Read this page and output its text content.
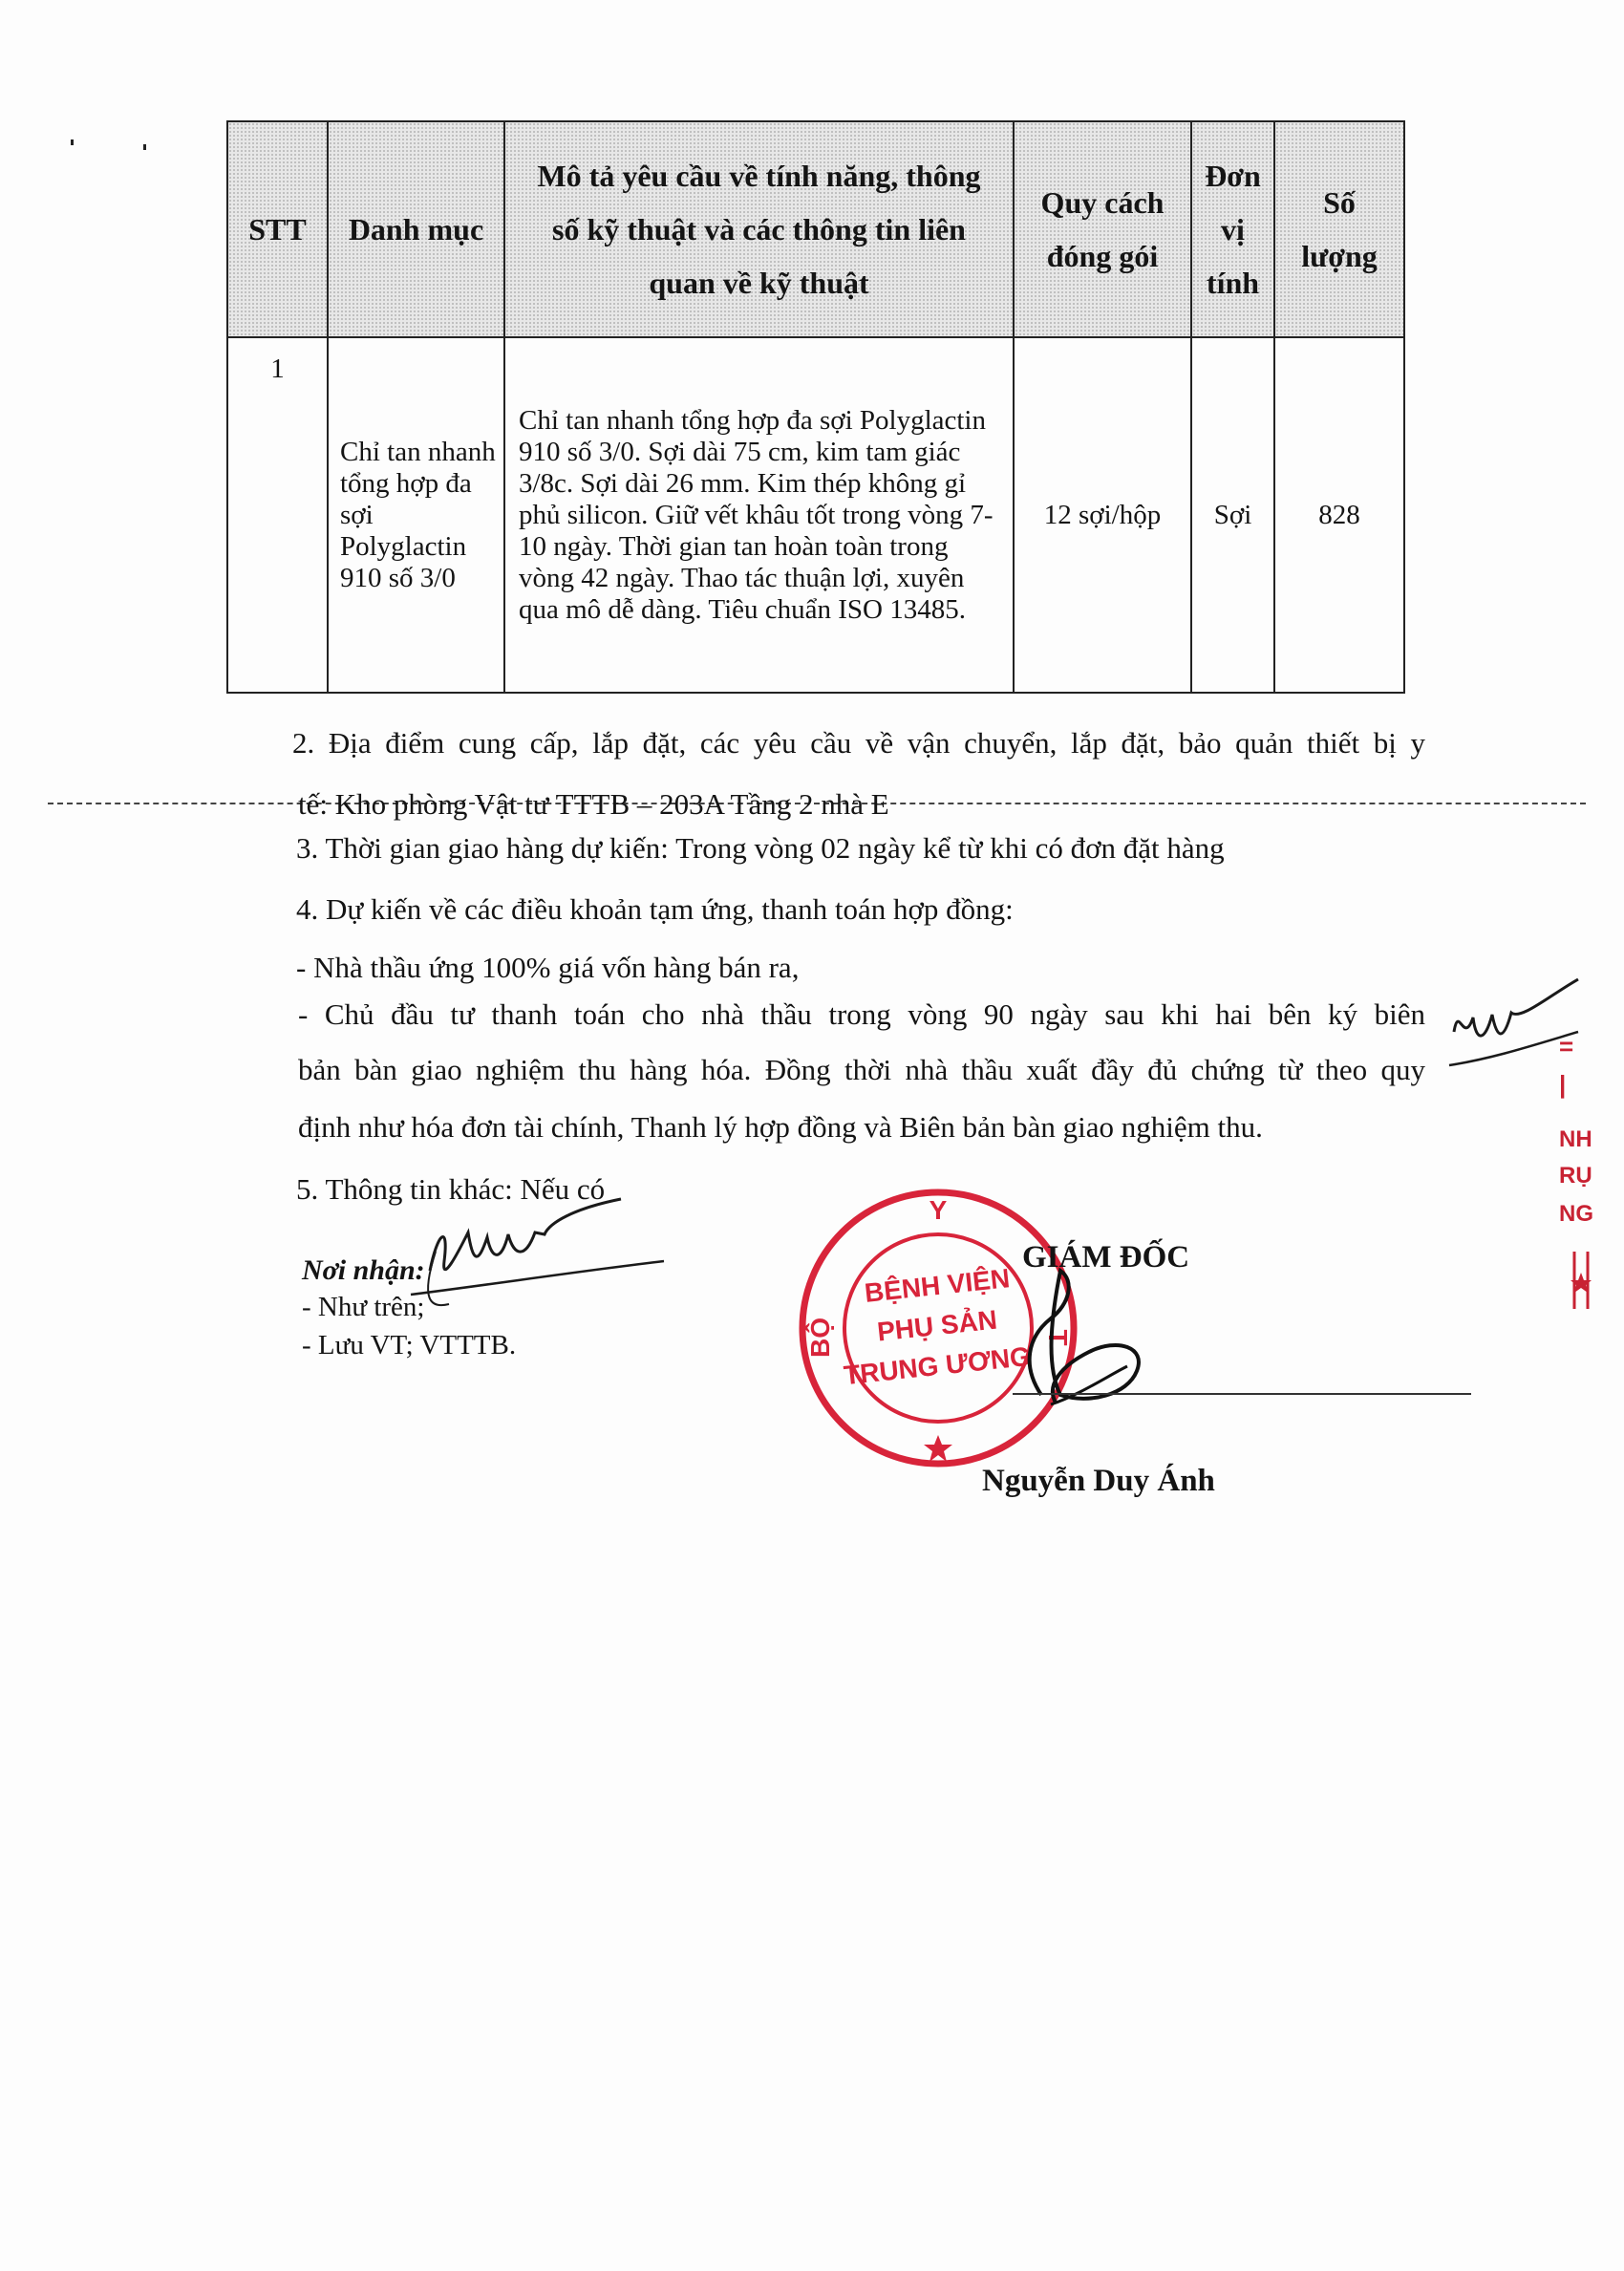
STT	Danh mục	Mô tả yêu cầu về tính năng, thông số kỹ thuật và các thông tin liên quan về kỹ thuật	Quy cách đóng gói	Đơn vị tính	Số lượng
1	Chỉ tan nhanh tổng hợp đa sợi Polyglactin 910 số 3/0	Chỉ tan nhanh tổng hợp đa sợi Polyglactin 910 số 3/0. Sợi dài 75 cm, kim tam giác 3/8c. Sợi dài 26 mm. Kim thép không gỉ phủ silicon. Giữ vết khâu tốt trong vòng 7-10 ngày. Thời gian tan hoàn toàn trong vòng 42 ngày. Thao tác thuận lợi, xuyên qua mô dễ dàng. Tiêu chuẩn ISO 13485.	12 sợi/hộp	Sợi	828
2. Địa điểm cung cấp, lắp đặt, các yêu cầu về vận chuyển, lắp đặt, bảo quản thiết bị y
tế: Kho phòng Vật tư TTTB – 203A Tầng 2 nhà E
3. Thời gian giao hàng dự kiến: Trong vòng 02 ngày kể từ khi có đơn đặt hàng
4. Dự kiến về các điều khoản tạm ứng, thanh toán hợp đồng:
- Nhà thầu ứng 100% giá vốn hàng bán ra,
- Chủ đầu tư thanh toán cho nhà thầu trong vòng 90 ngày sau khi hai bên ký biên
bản bàn giao nghiệm thu hàng hóa. Đồng thời nhà thầu xuất đầy đủ chứng từ theo quy
định như hóa đơn tài chính, Thanh lý hợp đồng và Biên bản bàn giao nghiệm thu.
5. Thông tin khác: Nếu có
Nơi nhận:
- Như trên;
- Lưu VT; VTTTB.
=
|
NH
RỤ
NG
Y
BỘ	T
BỆNH VIỆN
PHỤ SẢN
TRUNG ƯƠNG
GIÁM ĐỐC
Nguyễn Duy Ánh
